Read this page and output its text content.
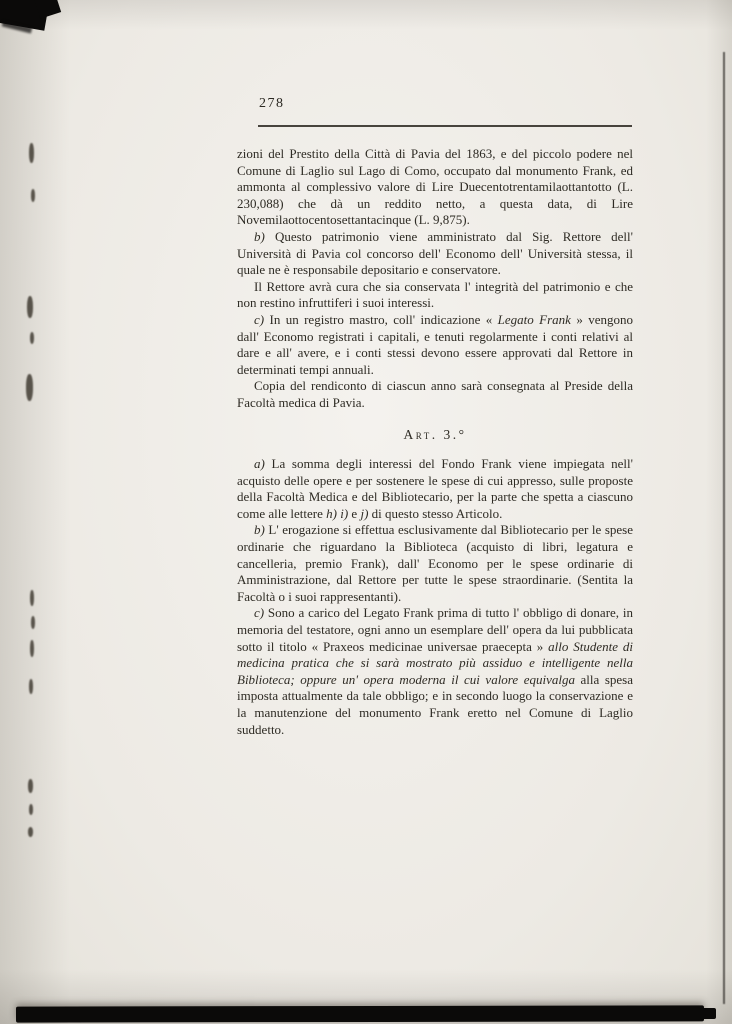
278

zioni del Prestito della Città di Pavia del 1863, e del piccolo podere nel Comune di Laglio sul Lago di Como, occupato dal monumento Frank, ed ammonta al complessivo valore di Lire Duecentotrentamilaottantotto (L. 230,088) che dà un reddito netto, a questa data, di Lire Novemilaottocentosettantacinque (L. 9,875).

b) Questo patrimonio viene amministrato dal Sig. Rettore dell' Università di Pavia col concorso dell' Economo dell' Università stessa, il quale ne è responsabile depositario e conservatore.

Il Rettore avrà cura che sia conservata l' integrità del patrimonio e che non restino infruttiferi i suoi interessi.

c) In un registro mastro, coll' indicazione « Legato Frank » vengono dall' Economo registrati i capitali, e tenuti regolarmente i conti relativi al dare e all' avere, e i conti stessi devono essere approvati dal Rettore in determinati tempi annuali.

Copia del rendiconto di ciascun anno sarà consegnata al Preside della Facoltà medica di Pavia.

Art. 3.°

a) La somma degli interessi del Fondo Frank viene impiegata nell' acquisto delle opere e per sostenere le spese di cui appresso, sulle proposte della Facoltà Medica e del Bibliotecario, per la parte che spetta a ciascuno come alle lettere h) i) e j) di questo stesso Articolo.

b) L' erogazione si effettua esclusivamente dal Bibliotecario per le spese ordinarie che riguardano la Biblioteca (acquisto di libri, legatura e cancelleria, premio Frank), dall' Economo per le spese ordinarie di Amministrazione, dal Rettore per tutte le spese straordinarie. (Sentita la Facoltà o i suoi rappresentanti).

c) Sono a carico del Legato Frank prima di tutto l' obbligo di donare, in memoria del testatore, ogni anno un esemplare dell' opera da lui pubblicata sotto il titolo « Praxeos medicinae universae praecepta » allo Studente di medicina pratica che si sarà mostrato più assiduo e intelligente nella Biblioteca; oppure un' opera moderna il cui valore equivalga alla spesa imposta attualmente da tale obbligo; e in secondo luogo la conservazione e la manutenzione del monumento Frank eretto nel Comune di Laglio suddetto.
